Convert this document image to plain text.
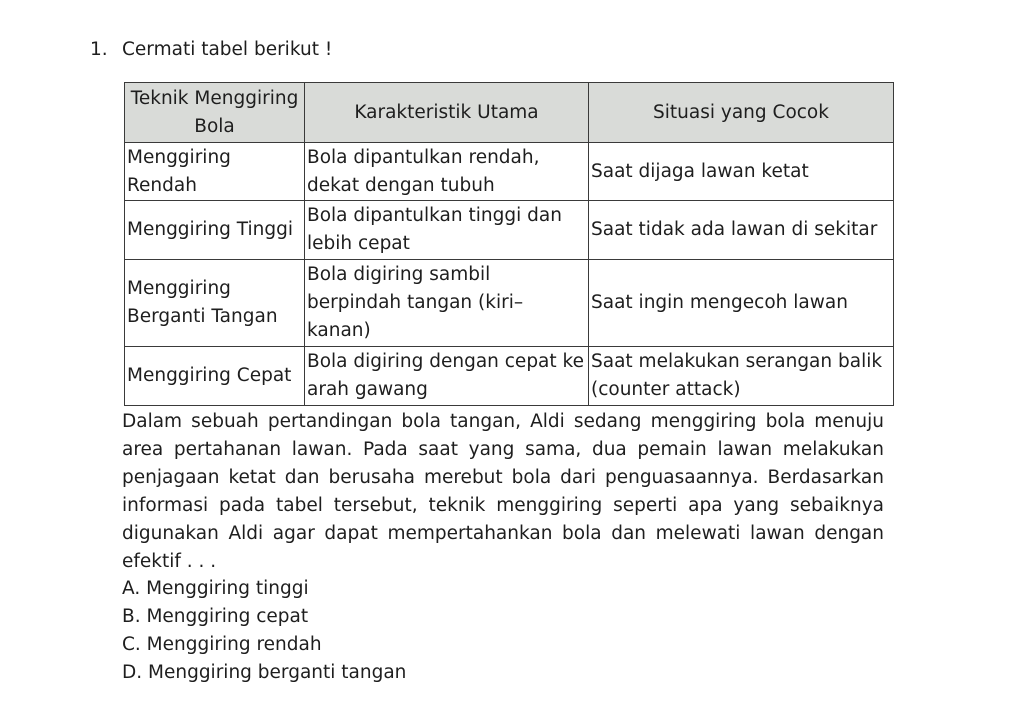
1. Cermati tabel berikut !
Teknik Menggiring Bola	Karakteristik Utama	Situasi yang Cocok
Menggiring Rendah	Bola dipantulkan rendah, dekat dengan tubuh	Saat dijaga lawan ketat
Menggiring Tinggi	Bola dipantulkan tinggi dan lebih cepat	Saat tidak ada lawan di sekitar
Menggiring Berganti Tangan	Bola digiring sambil berpindah tangan (kiri–kanan)	Saat ingin mengecoh lawan
Menggiring Cepat	Bola digiring dengan cepat ke arah gawang	Saat melakukan serangan balik (counter attack)
Dalam sebuah pertandingan bola tangan, Aldi sedang menggiring bola menuju area pertahanan lawan. Pada saat yang sama, dua pemain lawan melakukan penjagaan ketat dan berusaha merebut bola dari penguasaannya. Berdasarkan informasi pada tabel tersebut, teknik menggiring seperti apa yang sebaiknya digunakan Aldi agar dapat mempertahankan bola dan melewati lawan dengan efektif . . .
A. Menggiring tinggi
B. Menggiring cepat
C. Menggiring rendah
D. Menggiring berganti tangan
